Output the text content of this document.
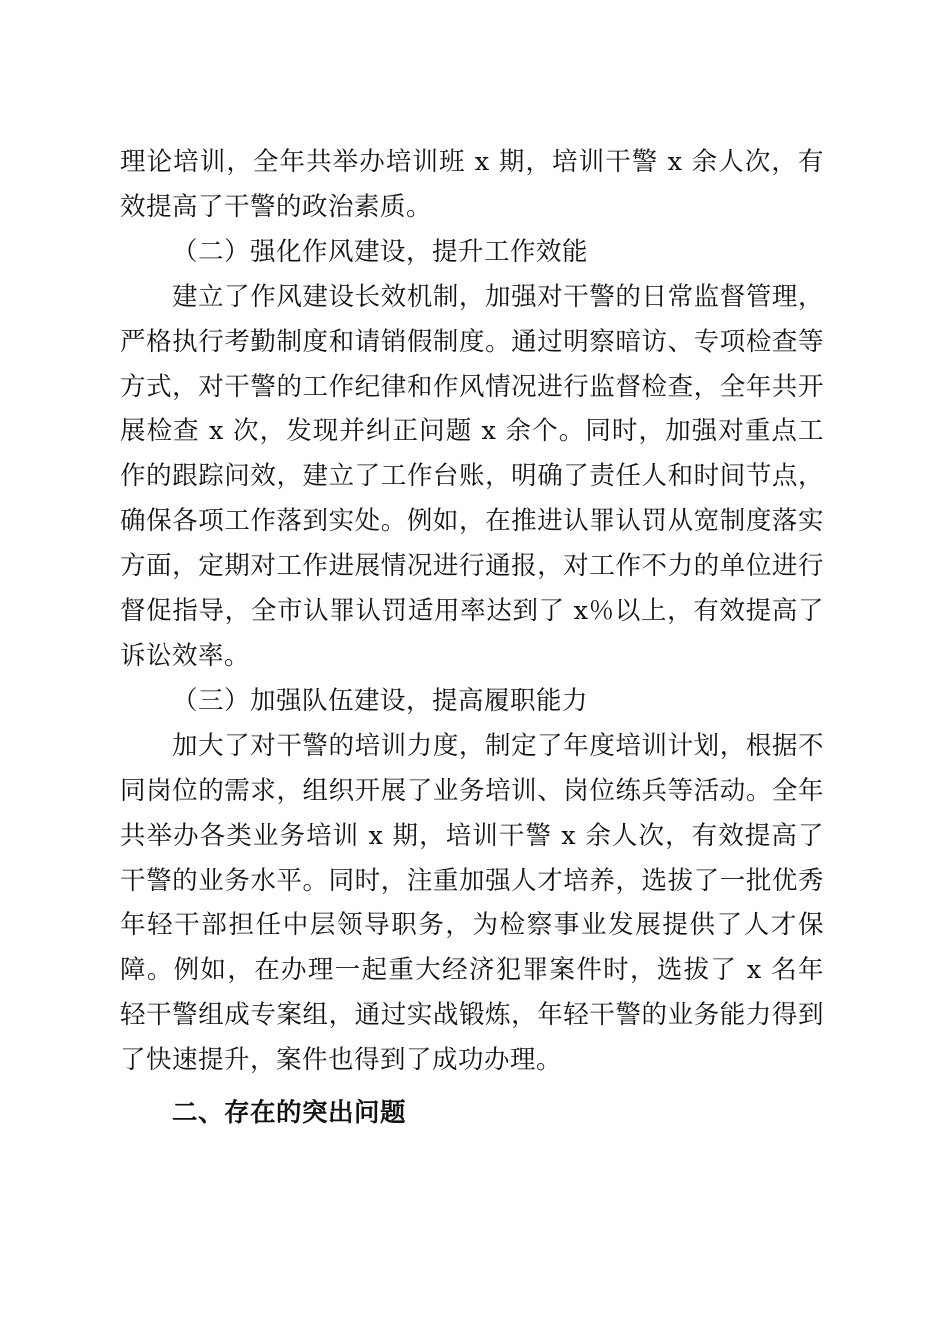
理论培训，全年共举办培训班 x 期，培训干警 x 余人次，有效提高了干警的政治素质。

（二）强化作风建设，提升工作效能

建立了作风建设长效机制，加强对干警的日常监督管理，严格执行考勤制度和请销假制度。通过明察暗访、专项检查等方式，对干警的工作纪律和作风情况进行监督检查，全年共开展检查 x 次，发现并纠正问题 x 余个。同时，加强对重点工作的跟踪问效，建立了工作台账，明确了责任人和时间节点，确保各项工作落到实处。例如，在推进认罪认罚从宽制度落实方面，定期对工作进展情况进行通报，对工作不力的单位进行督促指导，全市认罪认罚适用率达到了 x％以上，有效提高了诉讼效率。

（三）加强队伍建设，提高履职能力

加大了对干警的培训力度，制定了年度培训计划，根据不同岗位的需求，组织开展了业务培训、岗位练兵等活动。全年共举办各类业务培训 x 期，培训干警 x 余人次，有效提高了干警的业务水平。同时，注重加强人才培养，选拔了一批优秀年轻干部担任中层领导职务，为检察事业发展提供了人才保障。例如，在办理一起重大经济犯罪案件时，选拔了 x 名年轻干警组成专案组，通过实战锻炼，年轻干警的业务能力得到了快速提升，案件也得到了成功办理。

二、存在的突出问题
